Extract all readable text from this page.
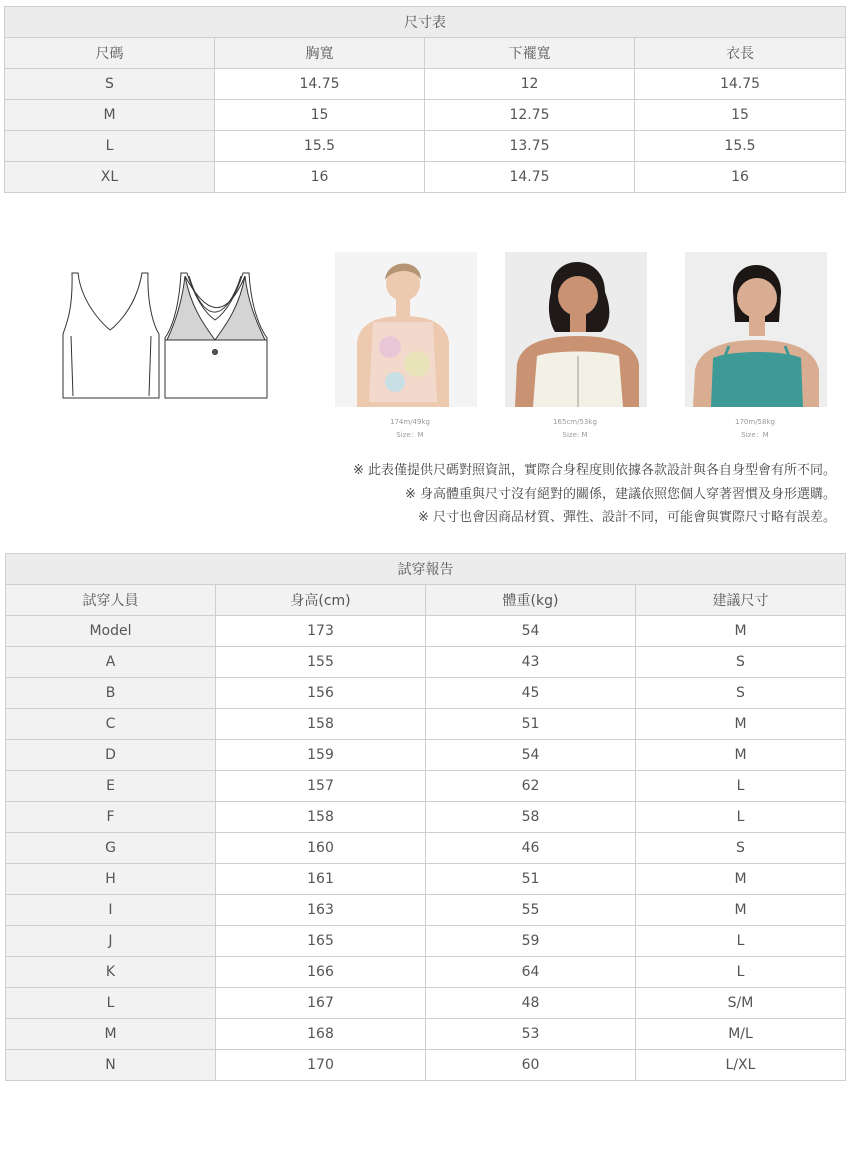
尺寸表			
尺碼	胸寬	下襬寬	衣長
S	14.75	12	14.75
M	15	12.75	15
L	15.5	13.75	15.5
XL	16	14.75	16
174m/49kg
Size：M
165cm/53kg
Size: M
170m/58kg
Size：M
※ 此表僅提供尺碼對照資訊，實際合身程度則依據各款設計與各自身型會有所不同。
※ 身高體重與尺寸沒有絕對的關係，建議依照您個人穿著習慣及身形選購。
※ 尺寸也會因商品材質、彈性、設計不同，可能會與實際尺寸略有誤差。
試穿報告			
試穿人員	身高(cm)	體重(kg)	建議尺寸
Model	173	54	M
A	155	43	S
B	156	45	S
C	158	51	M
D	159	54	M
E	157	62	L
F	158	58	L
G	160	46	S
H	161	51	M
I	163	55	M
J	165	59	L
K	166	64	L
L	167	48	S/M
M	168	53	M/L
N	170	60	L/XL
